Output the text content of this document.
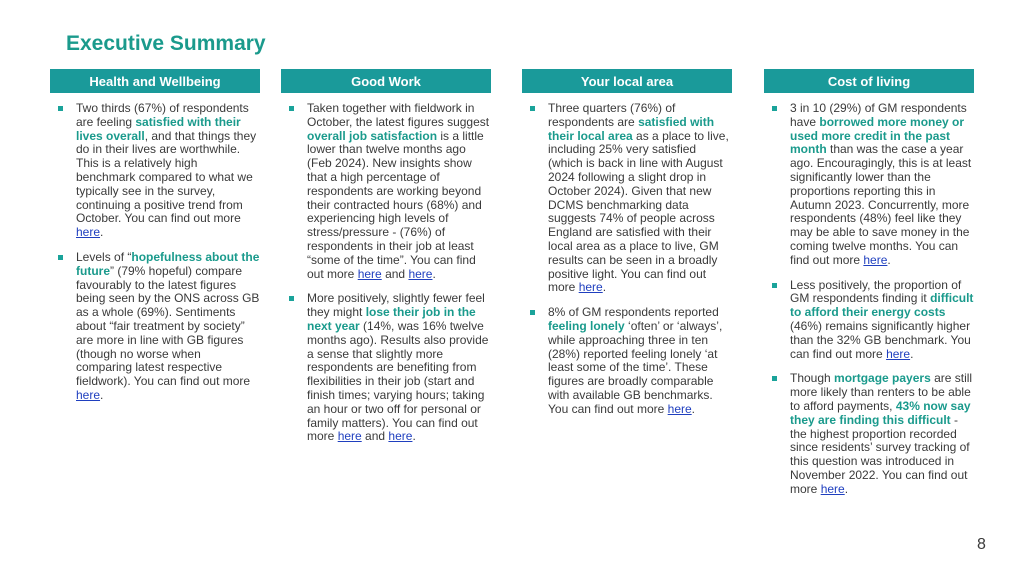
Executive Summary
Health and Wellbeing
Two thirds (67%) of respondents are feeling satisfied with their lives overall, and that things they do in their lives are worthwhile. This is a relatively high benchmark compared to what we typically see in the survey, continuing a positive trend from October. You can find out more here.
Levels of “hopefulness about the future” (79% hopeful) compare favourably to the latest figures being seen by the ONS across GB as a whole (69%). Sentiments about “fair treatment by society” are more in line with GB figures (though no worse when comparing latest respective fieldwork). You can find out more here.
Good Work
Taken together with fieldwork in October, the latest figures suggest overall job satisfaction is a little lower than twelve months ago (Feb 2024). New insights show that a high percentage of respondents are working beyond their contracted hours (68%) and experiencing high levels of stress/pressure - (76%) of respondents in their job at least “some of the time”. You can find out more here and here.
More positively, slightly fewer feel they might lose their job in the next year (14%, was 16% twelve months ago). Results also provide a sense that slightly more respondents are benefiting from flexibilities in their job (start and finish times; varying hours; taking an hour or two off for personal or family matters). You can find out more here and here.
Your local area
Three quarters (76%) of respondents are satisfied with their local area as a place to live, including 25% very satisfied (which is back in line with August 2024 following a slight drop in October 2024). Given that new DCMS benchmarking data suggests 74% of people across England are satisfied with their local area as a place to live, GM results can be seen in a broadly positive light. You can find out more here.
8% of GM respondents reported feeling lonely ‘often’ or ‘always’, while approaching three in ten (28%) reported feeling lonely ‘at least some of the time’. These figures are broadly comparable with available GB benchmarks. You can find out more here.
Cost of living
3 in 10 (29%) of GM respondents have borrowed more money or used more credit in the past month than was the case a year ago. Encouragingly, this is at least significantly lower than the proportions reporting this in Autumn 2023. Concurrently, more respondents (48%) feel like they may be able to save money in the coming twelve months. You can find out more here.
Less positively, the proportion of GM respondents finding it difficult to afford their energy costs (46%) remains significantly higher than the 32% GB benchmark. You can find out more here.
Though mortgage payers are still more likely than renters to be able to afford payments, 43% now say they are finding this difficult - the highest proportion recorded since residents’ survey tracking of this question was introduced in November 2022. You can find out more here.
8
